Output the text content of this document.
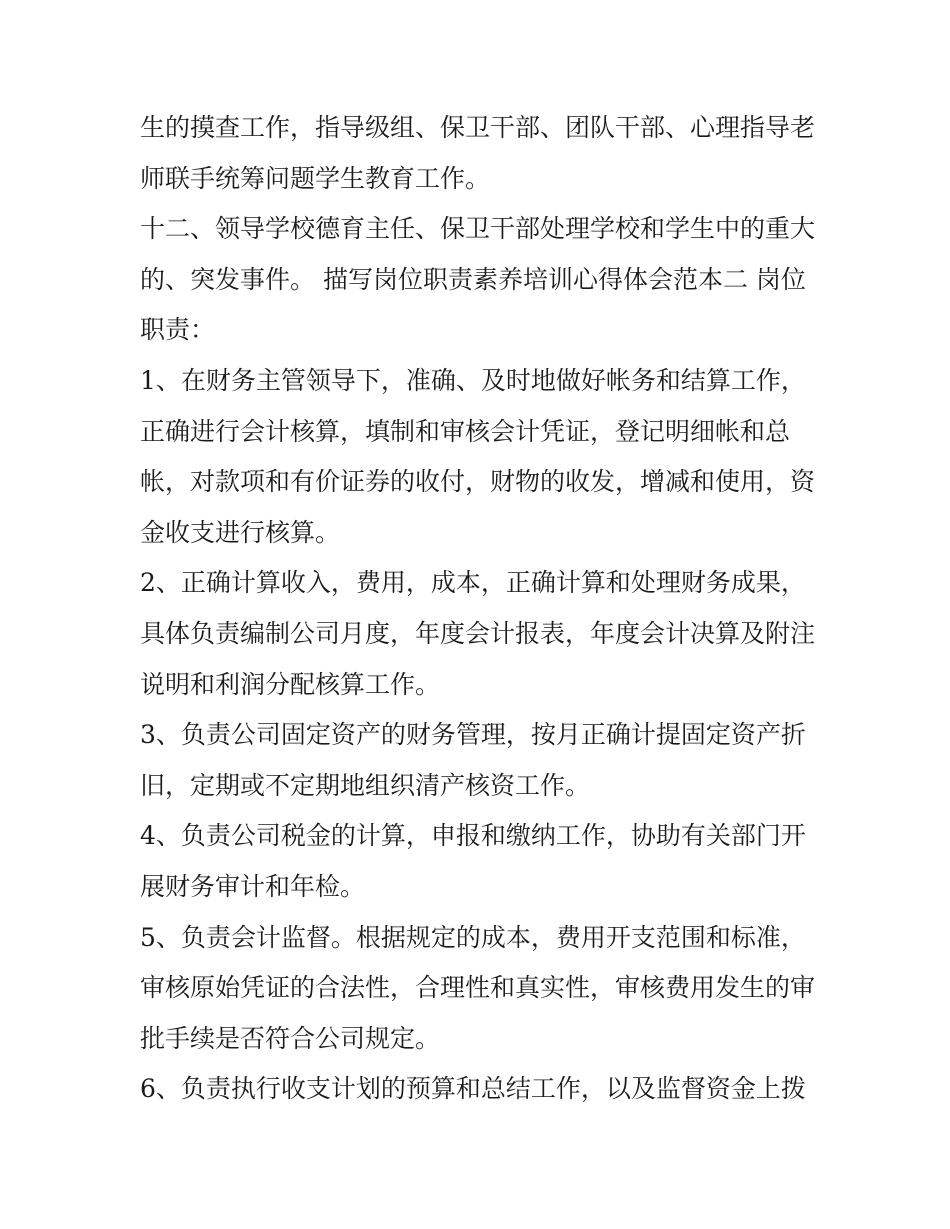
生的摸查工作，指导级组、保卫干部、团队干部、心理指导老
师联手统筹问题学生教育工作。
十二、领导学校德育主任、保卫干部处理学校和学生中的重大
的、突发事件。 描写岗位职责素养培训心得体会范本二 岗位
职责：
1、在财务主管领导下，准确、及时地做好帐务和结算工作，
正确进行会计核算，填制和审核会计凭证，登记明细帐和总
帐，对款项和有价证券的收付，财物的收发，增减和使用，资
金收支进行核算。
2、正确计算收入，费用，成本，正确计算和处理财务成果，
具体负责编制公司月度，年度会计报表，年度会计决算及附注
说明和利润分配核算工作。
3、负责公司固定资产的财务管理，按月正确计提固定资产折
旧，定期或不定期地组织清产核资工作。
4、负责公司税金的计算，申报和缴纳工作，协助有关部门开
展财务审计和年检。
5、负责会计监督。根据规定的成本，费用开支范围和标准，
审核原始凭证的合法性，合理性和真实性，审核费用发生的审
批手续是否符合公司规定。
6、负责执行收支计划的预算和总结工作，以及监督资金上拨
